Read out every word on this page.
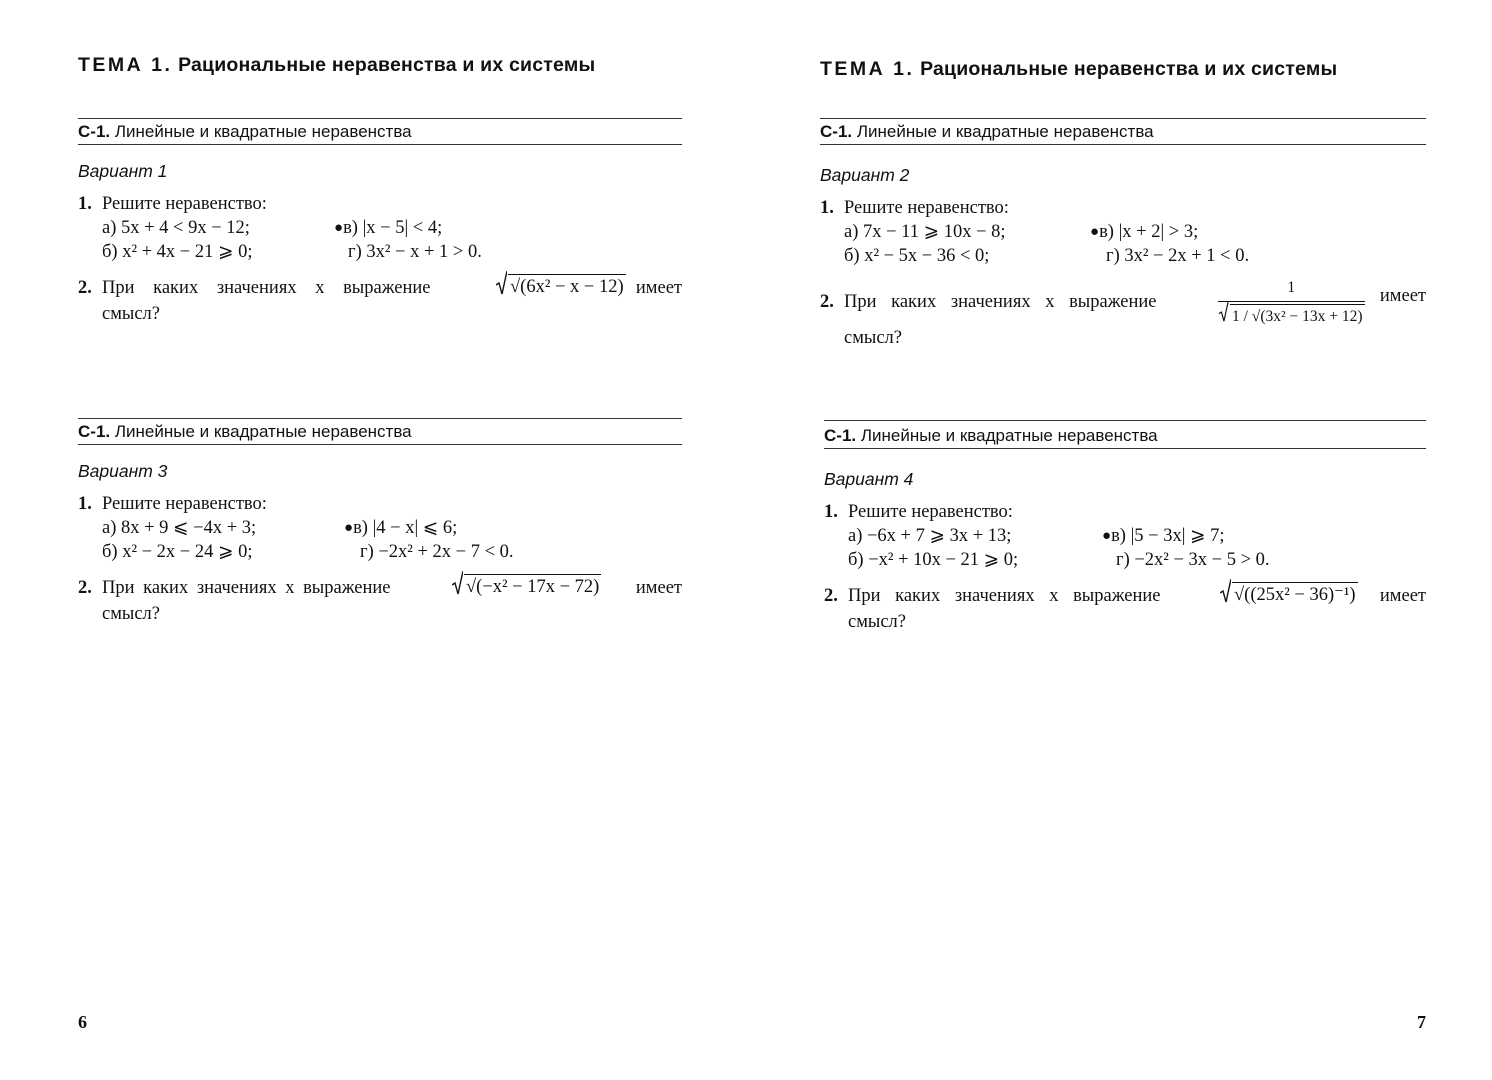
ТЕМА 1. Рациональные неравенства и их системы
С-1. Линейные и квадратные неравенства
Вариант 1
1. Решите неравенство:
а) 5x + 4 < 9x − 12;	●в) |x − 5| < 4;
б) x² + 4x − 21 ⩾ 0;	г) 3x² − x + 1 > 0.
2. При каких значениях x выражение	√(6x² − x − 12) имеет
смысл?
С-1. Линейные и квадратные неравенства
Вариант 3
1. Решите неравенство:
а) 8x + 9 ⩽ −4x + 3;	●в) |4 − x| ⩽ 6;
б) x² − 2x − 24 ⩾ 0;	г) −2x² + 2x − 7 < 0.
2. При каких значениях x выражение	√(−x² − 17x − 72) имеет
смысл?
6
ТЕМА 1. Рациональные неравенства и их системы
С-1. Линейные и квадратные неравенства
Вариант 2
1. Решите неравенство:
а) 7x − 11 ⩾ 10x − 8;	●в) |x + 2| > 3;
б) x² − 5x − 36 < 0;	г) 3x² − 2x + 1 < 0.
2. При каких значениях x выражение	$\frac{1}{\text{1 / √(3x² − 13x + 12)}}$ имеет
смысл?
С-1. Линейные и квадратные неравенства
Вариант 4
1. Решите неравенство:
а) −6x + 7 ⩾ 3x + 13;	●в) |5 − 3x| ⩾ 7;
б) −x² + 10x − 21 ⩾ 0;	г) −2x² − 3x − 5 > 0.
2. При каких значениях x выражение	√((25x² − 36)⁻¹) имеет
смысл?
7
